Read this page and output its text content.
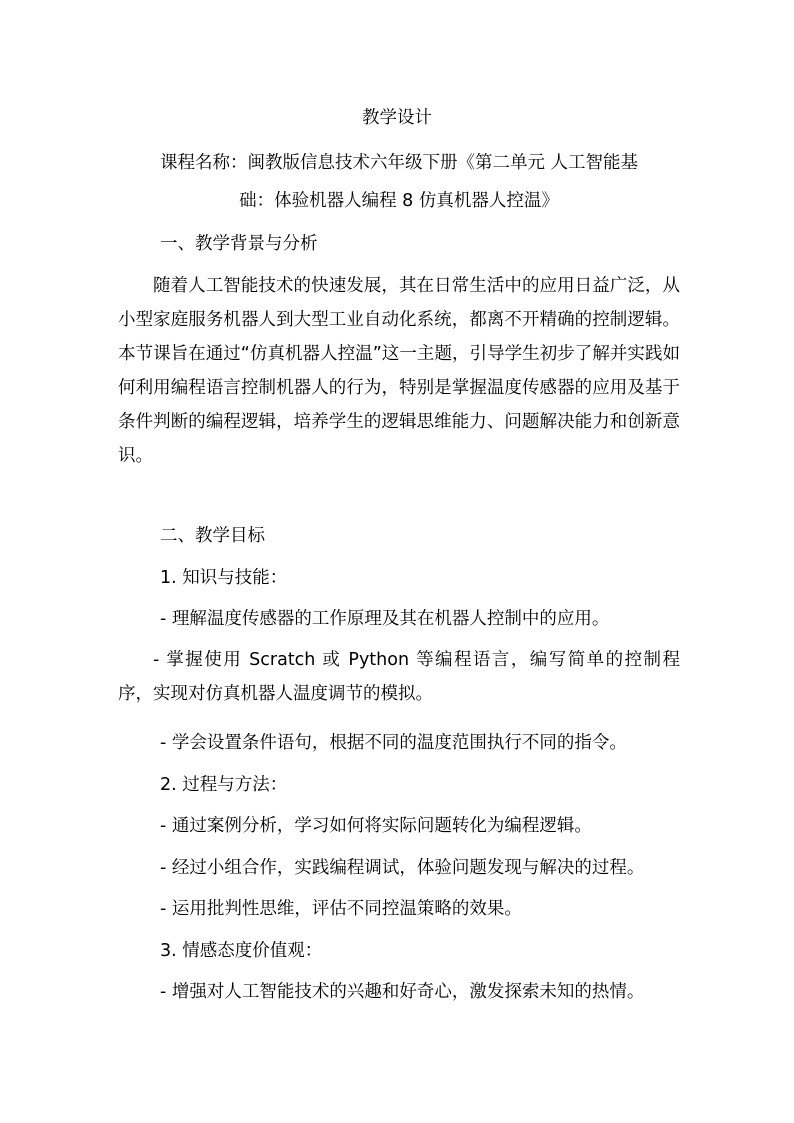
教学设计
课程名称：闽教版信息技术六年级下册《第二单元 人工智能基
础：体验机器人编程 8 仿真机器人控温》
一、教学背景与分析
随着人工智能技术的快速发展，其在日常生活中的应用日益广泛，从小型家庭服务机器人到大型工业自动化系统，都离不开精确的控制逻辑。本节课旨在通过“仿真机器人控温”这一主题，引导学生初步了解并实践如何利用编程语言控制机器人的行为，特别是掌握温度传感器的应用及基于条件判断的编程逻辑，培养学生的逻辑思维能力、问题解决能力和创新意识。
二、教学目标
1. 知识与技能：
- 理解温度传感器的工作原理及其在机器人控制中的应用。
- 掌握使用 Scratch 或 Python 等编程语言，编写简单的控制程序，实现对仿真机器人温度调节的模拟。
- 学会设置条件语句，根据不同的温度范围执行不同的指令。
2. 过程与方法：
- 通过案例分析，学习如何将实际问题转化为编程逻辑。
- 经过小组合作，实践编程调试，体验问题发现与解决的过程。
- 运用批判性思维，评估不同控温策略的效果。
3. 情感态度价值观：
- 增强对人工智能技术的兴趣和好奇心，激发探索未知的热情。
